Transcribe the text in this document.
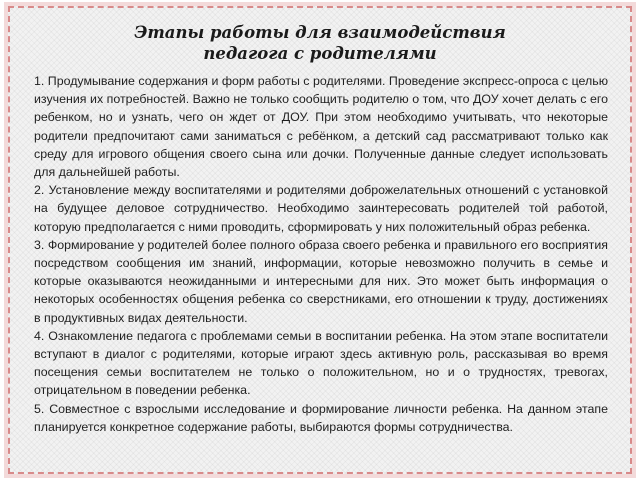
Этапы работы для взаимодействия
педагога с родителями

1. Продумывание содержания и форм работы с родителями. Проведение экспресс-опроса с целью изучения их потребностей. Важно не только сообщить родителю о том, что ДОУ хочет делать с его ребенком, но и узнать, чего он ждет от ДОУ. При этом необходимо учитывать, что некоторые родители предпочитают сами заниматься с ребёнком, а детский сад рассматривают только как среду для игрового общения своего сына или дочки. Полученные данные следует использовать для дальнейшей работы.

2. Установление между воспитателями и родителями доброжелательных отношений с установкой на будущее деловое сотрудничество. Необходимо заинтересовать родителей той работой, которую предполагается с ними проводить, сформировать у них положительный образ ребенка.

3. Формирование у родителей более полного образа своего ребенка и правильного его восприятия посредством сообщения им знаний, информации, которые невозможно получить в семье и которые оказываются неожиданными и интересными для них. Это может быть информация о некоторых особенностях общения ребенка со сверстниками, его отношении к труду, достижениях в продуктивных видах деятельности.

4. Ознакомление педагога с проблемами семьи в воспитании ребенка. На этом этапе воспитатели вступают в диалог с родителями, которые играют здесь активную роль, рассказывая во время посещения семьи воспитателем не только о положительном, но и о трудностях, тревогах, отрицательном в поведении ребенка.

5. Совместное с взрослыми исследование и формирование личности ребенка. На данном этапе планируется конкретное содержание работы, выбираются формы сотрудничества.
